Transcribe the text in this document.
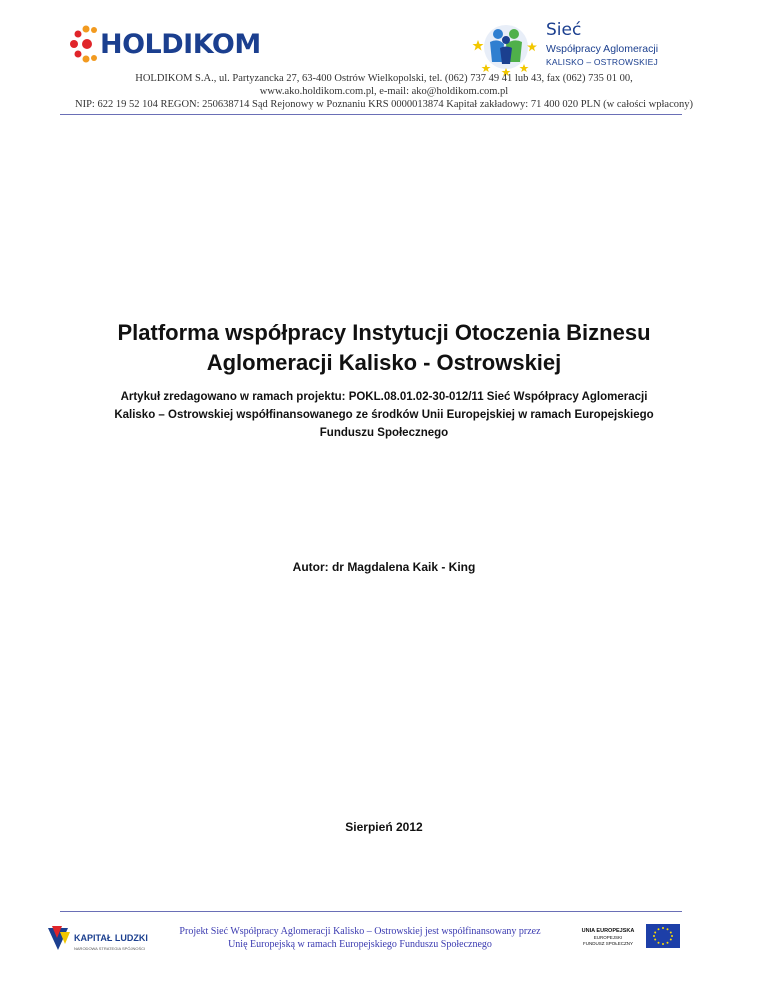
HOLDIKOM	Sieć
Współpracy Aglomeracji
KALISKO – OSTROWSKIEJ
HOLDIKOM S.A., ul. Partyzancka 27, 63-400 Ostrów Wielkopolski, tel. (062) 737 49 41 lub 43, fax (062) 735 01 00,
www.ako.holdikom.com.pl, e-mail: ako@holdikom.com.pl
NIP: 622 19 52 104 REGON: 250638714 Sąd Rejonowy w Poznaniu KRS 0000013874 Kapitał zakładowy: 71 400 020 PLN (w całości wpłacony)
Platforma współpracy Instytucji Otoczenia Biznesu
Aglomeracji Kalisko - Ostrowskiej
Artykuł zredagowano w ramach projektu: POKL.08.01.02-30-012/11 Sieć Współpracy Aglomeracji
Kalisko – Ostrowskiej współfinansowanego ze środków Unii Europejskiej w ramach Europejskiego
Funduszu Społecznego
Autor: dr Magdalena Kaik - King
Sierpień 2012
KAPITAŁ LUDZKI
NARODOWA STRATEGIA SPÓJNOŚCI
Projekt Sieć Współpracy Aglomeracji Kalisko – Ostrowskiej jest współfinansowany przez
Unię Europejską w ramach Europejskiego Funduszu Społecznego
UNIA EUROPEJSKA
EUROPEJSKI
FUNDUSZ SPOŁECZNY
